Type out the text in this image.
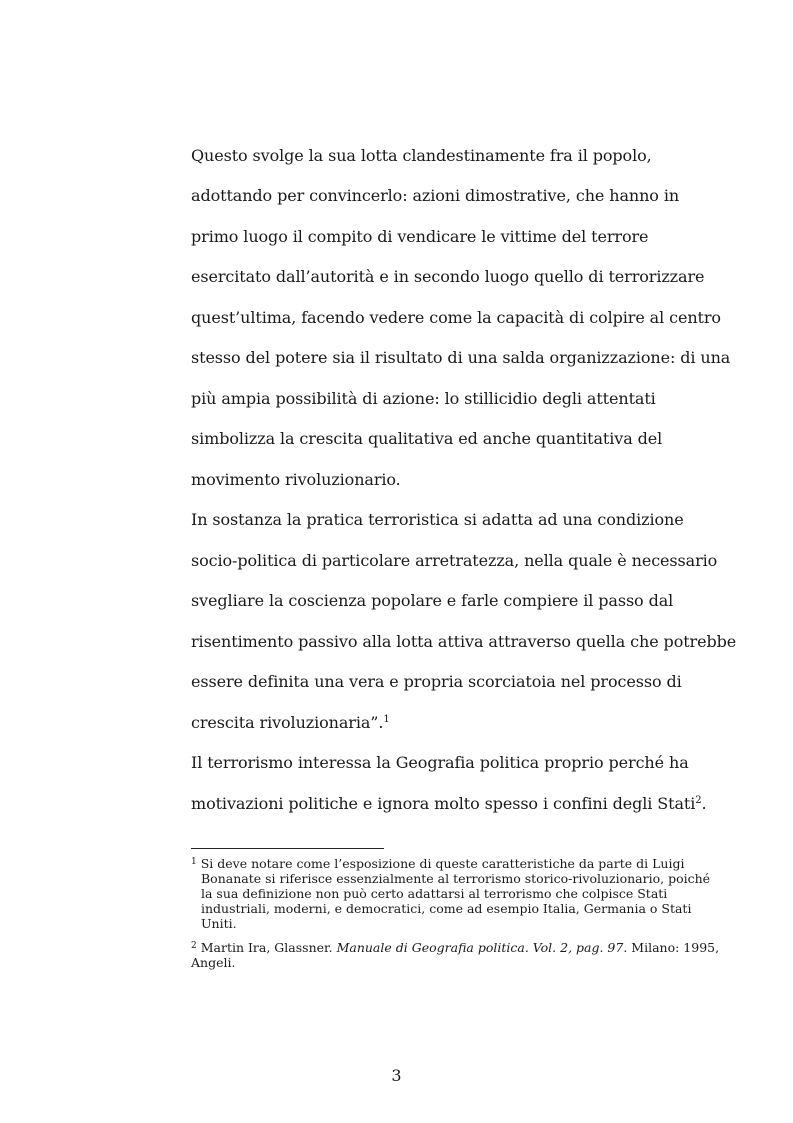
Questo svolge la sua lotta clandestinamente fra il popolo,
adottando per convincerlo: azioni dimostrative, che hanno in
primo luogo il compito di vendicare le vittime del terrore
esercitato dall’autorità e in secondo luogo quello di terrorizzare
quest’ultima, facendo vedere come la capacità di colpire al centro
stesso del potere sia il risultato di una salda organizzazione: di una
più ampia possibilità di azione: lo stillicidio degli attentati
simbolizza la crescita qualitativa ed anche quantitativa del
movimento rivoluzionario.
In sostanza la pratica terroristica si adatta ad una condizione
socio-politica di particolare arretratezza, nella quale è necessario
svegliare la coscienza popolare e farle compiere il passo dal
risentimento passivo alla lotta attiva attraverso quella che potrebbe
essere definita una vera e propria scorciatoia nel processo di
crescita rivoluzionaria”.$^1$
Il terrorismo interessa la Geografia politica proprio perché ha
motivazioni politiche e ignora molto spesso i confini degli Stati$^2$.
$^1$ Si deve notare come l’esposizione di queste caratteristiche da parte di Luigi
Bonanate si riferisce essenzialmente al terrorismo storico-rivoluzionario, poiché
la sua definizione non può certo adattarsi al terrorismo che colpisce Stati
industriali, moderni, e democratici, come ad esempio Italia, Germania o Stati
Uniti.
$^2$ Martin Ira, Glassner. Manuale di Geografia politica. Vol. 2, pag. 97. Milano: 1995,
Angeli.
3
